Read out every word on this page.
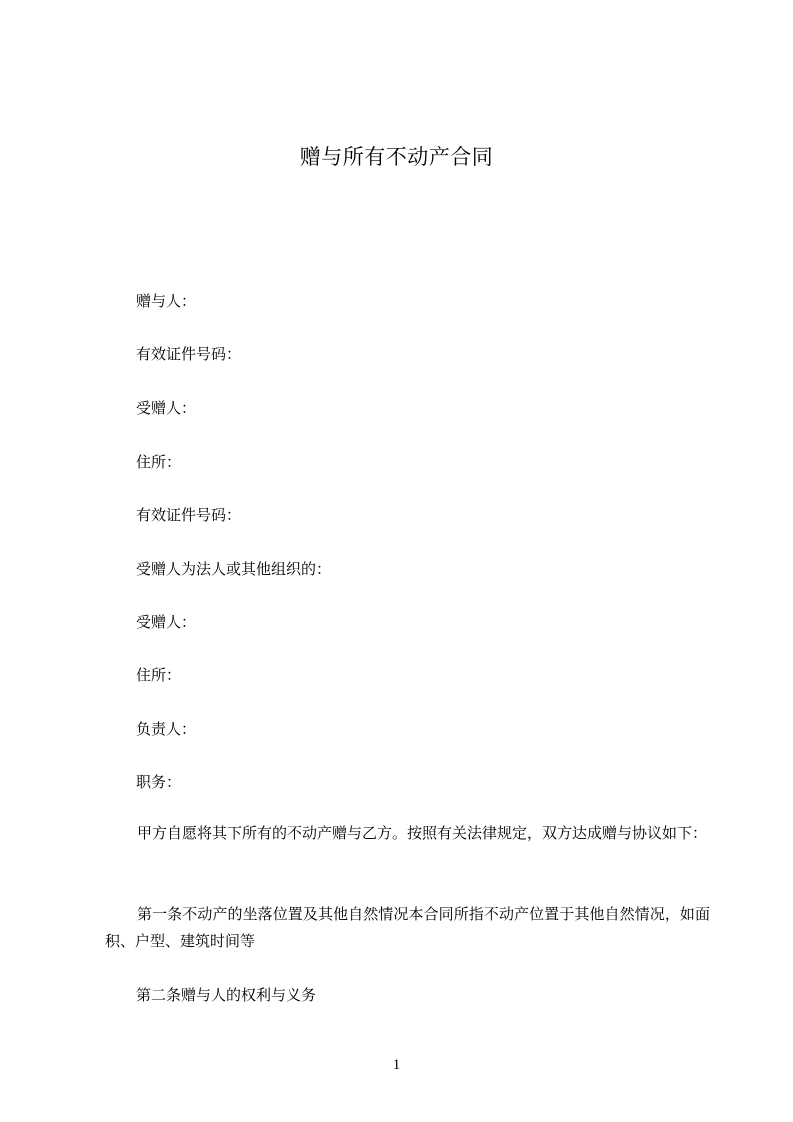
赠与所有不动产合同
赠与人：
有效证件号码：
受赠人：
住所：
有效证件号码：
受赠人为法人或其他组织的：
受赠人：
住所：
负责人：
职务：
甲方自愿将其下所有的不动产赠与乙方。按照有关法律规定，双方达成赠与协议如下：
第一条不动产的坐落位置及其他自然情况本合同所指不动产位置于其他自然情况，如面积、户型、建筑时间等
第二条赠与人的权利与义务
1
